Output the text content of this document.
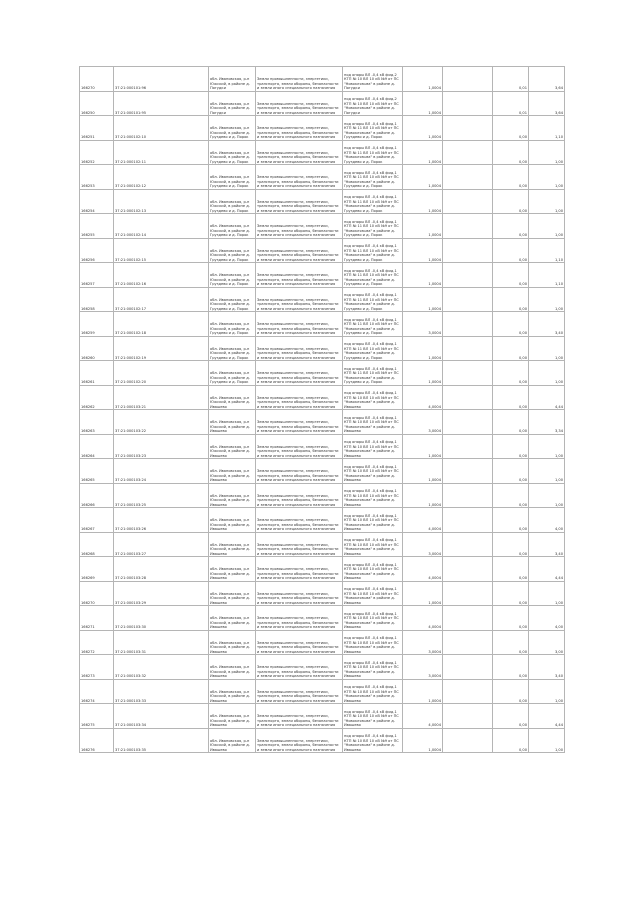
166270	37:21:000101:96	обл. Ивановская, р-н Южский, в районе д. Погудки	Земли промышленности, энергетики, транспорта, земли обороны, безопасности и земли иного специального назначения	под опоры ВЛ -0,4 кВ фид.2 КТП № 10 ВЛ 10 кВ №9 от ПС "Новоклязьма" в районе д. Погудки	1,0004		0,01	3,64
166250	37:21:000101:95	обл. Ивановская, р-н Южский, в районе д. Погудки	Земли промышленности, энергетики, транспорта, земли обороны, безопасности и земли иного специального назначения	под опоры ВЛ -0,4 кВ фид.2 КТП № 10 ВЛ 10 кВ №9 от ПС "Новоклязьма" в районе д. Погудки	1,0004		0,01	3,64
166251	37:21:000102:10	обл. Ивановская, р-н Южский, в районе д. Груздево и д. Порок	Земли промышленности, энергетики, транспорта, земли обороны, безопасности и земли иного специального назначения	под опоры ВЛ -0,4 кВ фид.1 КТП № 11 ВЛ 10 кВ №9 от ПС "Новоклязьма" в районе д. Груздево и д. Порок	1,0004		0,00	1,10
166252	37:21:000102:11	обл. Ивановская, р-н Южский, в районе д. Груздево и д. Порок	Земли промышленности, энергетики, транспорта, земли обороны, безопасности и земли иного специального назначения	под опоры ВЛ -0,4 кВ фид.1 КТП № 11 ВЛ 10 кВ №9 от ПС "Новоклязьма" в районе д. Груздево и д. Порок	1,0004		0,00	1,00
166253	37:21:000102:12	обл. Ивановская, р-н Южский, в районе д. Груздево и д. Порок	Земли промышленности, энергетики, транспорта, земли обороны, безопасности и земли иного специального назначения	под опоры ВЛ -0,4 кВ фид.1 КТП № 11 ВЛ 10 кВ №9 от ПС "Новоклязьма" в районе д. Груздево и д. Порок	1,0004		0,00	1,00
166254	37:21:000102:13	обл. Ивановская, р-н Южский, в районе д. Груздево и д. Порок	Земли промышленности, энергетики, транспорта, земли обороны, безопасности и земли иного специального назначения	под опоры ВЛ -0,4 кВ фид.1 КТП № 11 ВЛ 10 кВ №9 от ПС "Новоклязьма" в районе д. Груздево и д. Порок	1,0004		0,00	1,00
166255	37:21:000102:14	обл. Ивановская, р-н Южский, в районе д. Груздево и д. Порок	Земли промышленности, энергетики, транспорта, земли обороны, безопасности и земли иного специального назначения	под опоры ВЛ -0,4 кВ фид.1 КТП № 11 ВЛ 10 кВ №9 от ПС "Новоклязьма" в районе д. Груздево и д. Порок	1,0004		0,00	1,00
166256	37:21:000102:15	обл. Ивановская, р-н Южский, в районе д. Груздево и д. Порок	Земли промышленности, энергетики, транспорта, земли обороны, безопасности и земли иного специального назначения	под опоры ВЛ -0,4 кВ фид.1 КТП № 11 ВЛ 10 кВ №9 от ПС "Новоклязьма" в районе д. Груздево и д. Порок	1,0004		0,00	1,10
166257	37:21:000102:16	обл. Ивановская, р-н Южский, в районе д. Груздево и д. Порок	Земли промышленности, энергетики, транспорта, земли обороны, безопасности и земли иного специального назначения	под опоры ВЛ -0,4 кВ фид.1 КТП № 11 ВЛ 10 кВ №9 от ПС "Новоклязьма" в районе д. Груздево и д. Порок	1,0004		0,00	1,10
166258	37:21:000102:17	обл. Ивановская, р-н Южский, в районе д. Груздево и д. Порок	Земли промышленности, энергетики, транспорта, земли обороны, безопасности и земли иного специального назначения	под опоры ВЛ -0,4 кВ фид.1 КТП № 11 ВЛ 10 кВ №9 от ПС "Новоклязьма" в районе д. Груздево и д. Порок	1,0004		0,00	1,00
166259	37:21:000102:18	обл. Ивановская, р-н Южский, в районе д. Груздево и д. Порок	Земли промышленности, энергетики, транспорта, земли обороны, безопасности и земли иного специального назначения	под опоры ВЛ -0,4 кВ фид.1 КТП № 11 ВЛ 10 кВ №9 от ПС "Новоклязьма" в районе д. Груздево и д. Порок	3,0004		0,00	3,40
166260	37:21:000102:19	обл. Ивановская, р-н Южский, в районе д. Груздево и д. Порок	Земли промышленности, энергетики, транспорта, земли обороны, безопасности и земли иного специального назначения	под опоры ВЛ -0,4 кВ фид.1 КТП № 11 ВЛ 10 кВ №9 от ПС "Новоклязьма" в районе д. Груздево и д. Порок	1,0004		0,00	1,00
166261	37:21:000102:20	обл. Ивановская, р-н Южский, в районе д. Груздево и д. Порок	Земли промышленности, энергетики, транспорта, земли обороны, безопасности и земли иного специального назначения	под опоры ВЛ -0,4 кВ фид.1 КТП № 11 ВЛ 10 кВ №9 от ПС "Новоклязьма" в районе д. Груздево и д. Порок	1,0004		0,00	1,00
166262	37:21:000103:21	обл. Ивановская, р-н Южский, в районе д. Ивашево	Земли промышленности, энергетики, транспорта, земли обороны, безопасности и земли иного специального назначения	под опоры ВЛ -0,4 кВ фид.1 КТП № 10 ВЛ 10 кВ №9 от ПС "Новоклязьма" в районе д. Ивашево	4,0004		0,00	4,44
166263	37:21:000103:22	обл. Ивановская, р-н Южский, в районе д. Ивашево	Земли промышленности, энергетики, транспорта, земли обороны, безопасности и земли иного специального назначения	под опоры ВЛ -0,4 кВ фид.1 КТП № 10 ВЛ 10 кВ №9 от ПС "Новоклязьма" в районе д. Ивашево	3,0004		0,00	3,34
166264	37:21:000103:23	обл. Ивановская, р-н Южский, в районе д. Ивашево	Земли промышленности, энергетики, транспорта, земли обороны, безопасности и земли иного специального назначения	под опоры ВЛ -0,4 кВ фид.1 КТП № 10 ВЛ 10 кВ №9 от ПС "Новоклязьма" в районе д. Ивашево	1,0004		0,00	1,00
166265	37:21:000103:24	обл. Ивановская, р-н Южский, в районе д. Ивашево	Земли промышленности, энергетики, транспорта, земли обороны, безопасности и земли иного специального назначения	под опоры ВЛ -0,4 кВ фид.1 КТП № 10 ВЛ 10 кВ №9 от ПС "Новоклязьма" в районе д. Ивашево	1,0004		0,00	1,00
166266	37:21:000103:25	обл. Ивановская, р-н Южский, в районе д. Ивашево	Земли промышленности, энергетики, транспорта, земли обороны, безопасности и земли иного специального назначения	под опоры ВЛ -0,4 кВ фид.1 КТП № 10 ВЛ 10 кВ №9 от ПС "Новоклязьма" в районе д. Ивашево	1,0004		0,00	1,00
166267	37:21:000103:26	обл. Ивановская, р-н Южский, в районе д. Ивашево	Земли промышленности, энергетики, транспорта, земли обороны, безопасности и земли иного специального назначения	под опоры ВЛ -0,4 кВ фид.1 КТП № 10 ВЛ 10 кВ №9 от ПС "Новоклязьма" в районе д. Ивашево	4,0004		0,00	4,00
166268	37:21:000103:27	обл. Ивановская, р-н Южский, в районе д. Ивашево	Земли промышленности, энергетики, транспорта, земли обороны, безопасности и земли иного специального назначения	под опоры ВЛ -0,4 кВ фид.1 КТП № 10 ВЛ 10 кВ №9 от ПС "Новоклязьма" в районе д. Ивашево	3,0004		0,00	3,40
166269	37:21:000103:28	обл. Ивановская, р-н Южский, в районе д. Ивашево	Земли промышленности, энергетики, транспорта, земли обороны, безопасности и земли иного специального назначения	под опоры ВЛ -0,4 кВ фид.1 КТП № 10 ВЛ 10 кВ №9 от ПС "Новоклязьма" в районе д. Ивашево	4,0004		0,00	4,44
166270	37:21:000103:29	обл. Ивановская, р-н Южский, в районе д. Ивашево	Земли промышленности, энергетики, транспорта, земли обороны, безопасности и земли иного специального назначения	под опоры ВЛ -0,4 кВ фид.1 КТП № 10 ВЛ 10 кВ №9 от ПС "Новоклязьма" в районе д. Ивашево	1,0004		0,00	1,00
166271	37:21:000103:30	обл. Ивановская, р-н Южский, в районе д. Ивашево	Земли промышленности, энергетики, транспорта, земли обороны, безопасности и земли иного специального назначения	под опоры ВЛ -0,4 кВ фид.1 КТП № 10 ВЛ 10 кВ №9 от ПС "Новоклязьма" в районе д. Ивашево	4,0004		0,00	4,00
166272	37:21:000103:31	обл. Ивановская, р-н Южский, в районе д. Ивашево	Земли промышленности, энергетики, транспорта, земли обороны, безопасности и земли иного специального назначения	под опоры ВЛ -0,4 кВ фид.1 КТП № 10 ВЛ 10 кВ №9 от ПС "Новоклязьма" в районе д. Ивашево	3,0004		0,00	3,00
166273	37:21:000103:32	обл. Ивановская, р-н Южский, в районе д. Ивашево	Земли промышленности, энергетики, транспорта, земли обороны, безопасности и земли иного специального назначения	под опоры ВЛ -0,4 кВ фид.1 КТП № 10 ВЛ 10 кВ №9 от ПС "Новоклязьма" в районе д. Ивашево	3,0004		0,00	3,40
166274	37:21:000103:33	обл. Ивановская, р-н Южский, в районе д. Ивашево	Земли промышленности, энергетики, транспорта, земли обороны, безопасности и земли иного специального назначения	под опоры ВЛ -0,4 кВ фид.1 КТП № 10 ВЛ 10 кВ №9 от ПС "Новоклязьма" в районе д. Ивашево	1,0004		0,00	1,00
166275	37:21:000103:34	обл. Ивановская, р-н Южский, в районе д. Ивашево	Земли промышленности, энергетики, транспорта, земли обороны, безопасности и земли иного специального назначения	под опоры ВЛ -0,4 кВ фид.1 КТП № 10 ВЛ 10 кВ №9 от ПС "Новоклязьма" в районе д. Ивашево	4,0004		0,00	4,44
166276	37:21:000103:35	обл. Ивановская, р-н Южский, в районе д. Ивашево	Земли промышленности, энергетики, транспорта, земли обороны, безопасности и земли иного специального назначения	под опоры ВЛ -0,4 кВ фид.1 КТП № 10 ВЛ 10 кВ №9 от ПС "Новоклязьма" в районе д. Ивашево	1,0004		0,00	1,00
